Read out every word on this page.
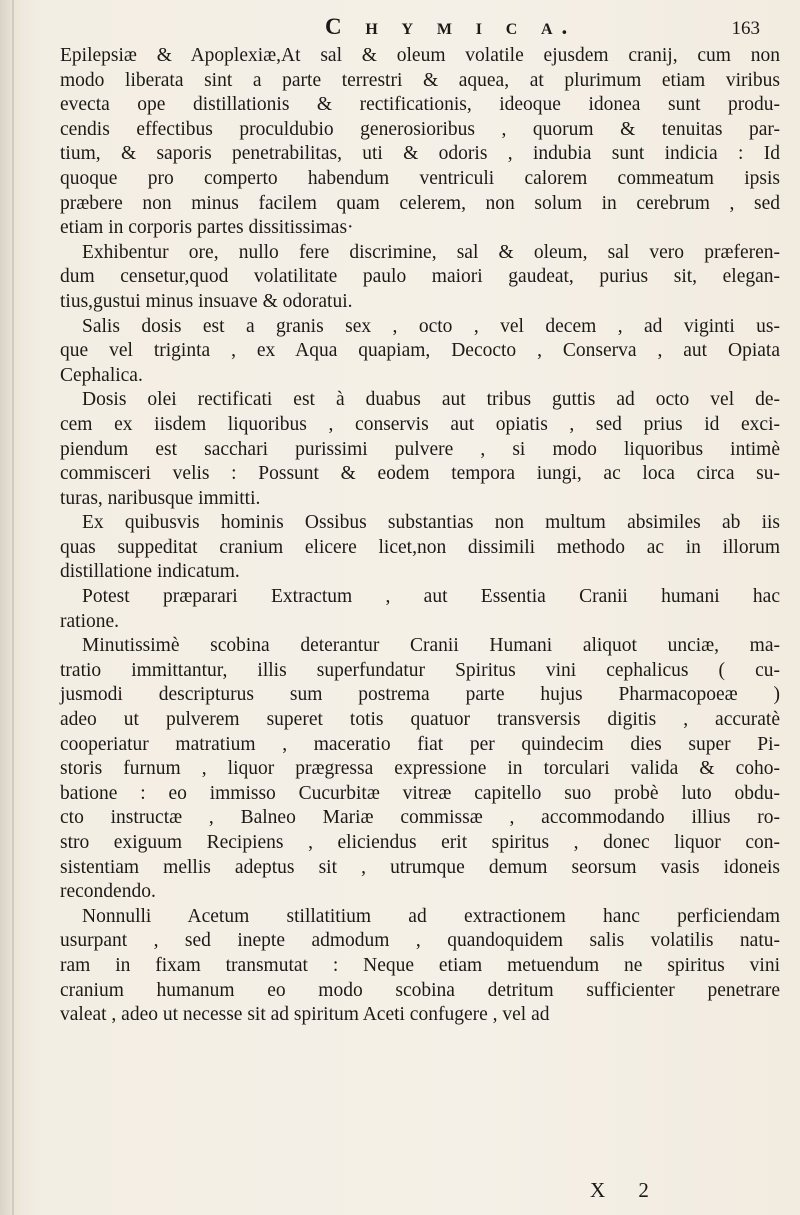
C h y m i c a.	163
Epilepsiæ & Apoplexiæ,At sal & oleum volatile ejusdem cranij, cum non
modo liberata sint a parte terrestri & aquea, at plurimum etiam viribus
evecta ope distillationis & rectificationis, ideoque idonea sunt produ-
cendis effectibus proculdubio generosioribus , quorum & tenuitas par-
tium, & saporis penetrabilitas, uti & odoris , indubia sunt indicia : Id
quoque pro comperto habendum ventriculi calorem commeatum ipsis
præbere non minus facilem quam celerem, non solum in cerebrum , sed
etiam in corporis partes dissitissimas·
Exhibentur ore, nullo fere discrimine, sal & oleum, sal vero præferen-
dum censetur,quod volatilitate paulo maiori gaudeat, purius sit, elegan-
tius,gustui minus insuave & odoratui.
Salis dosis est a granis sex , octo , vel decem , ad viginti us-
que vel triginta , ex Aqua quapiam, Decocto , Conserva , aut Opiata
Cephalica.
Dosis olei rectificati est à duabus aut tribus guttis ad octo vel de-
cem ex iisdem liquoribus , conservis aut opiatis , sed prius id exci-
piendum est sacchari purissimi pulvere , si modo liquoribus intimè
commisceri velis : Possunt & eodem tempora iungi, ac loca circa su-
turas, naribusque immitti.
Ex quibusvis hominis Ossibus substantias non multum absimiles ab iis
quas suppeditat cranium elicere licet,non dissimili methodo ac in illorum
distillatione indicatum.
Potest præparari Extractum , aut Essentia Cranii humani hac
ratione.
Minutissimè scobina deterantur Cranii Humani aliquot unciæ, ma-
tratio immittantur, illis superfundatur Spiritus vini cephalicus ( cu-
jusmodi descripturus sum postrema parte hujus Pharmacopoeæ )
adeo ut pulverem superet totis quatuor transversis digitis , accuratè
cooperiatur matratium , maceratio fiat per quindecim dies super Pi-
storis furnum , liquor prægressa expressione in torculari valida & coho-
batione : eo immisso Cucurbitæ vitreæ capitello suo probè luto obdu-
cto instructæ , Balneo Mariæ commissæ , accommodando illius ro-
stro exiguum Recipiens , eliciendus erit spiritus , donec liquor con-
sistentiam mellis adeptus sit , utrumque demum seorsum vasis idoneis
recondendo.
Nonnulli Acetum stillatitium ad extractionem hanc perficiendam
usurpant , sed inepte admodum , quandoquidem salis volatilis natu-
ram in fixam transmutat : Neque etiam metuendum ne spiritus vini
cranium humanum eo modo scobina detritum sufficienter penetrare
valeat , adeo ut necesse sit ad spiritum Aceti confugere , vel ad
X 2
